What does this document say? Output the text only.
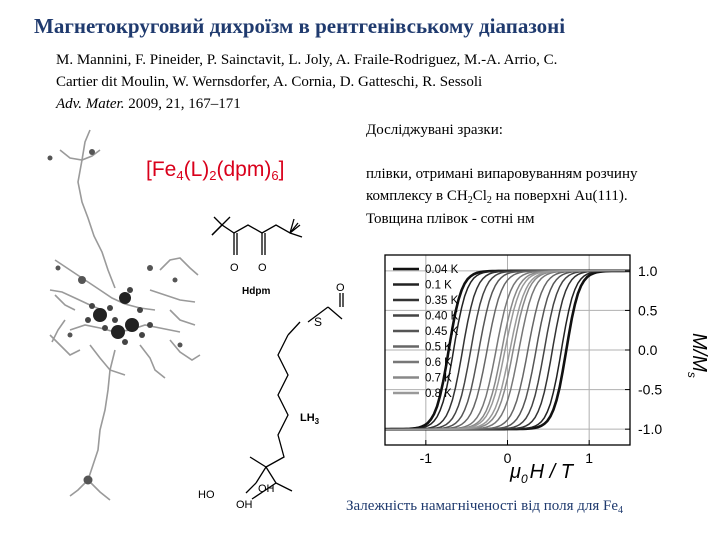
Магнетокруговий дихроїзм в рентгенівському діапазоні
M. Mannini, F. Pineider, P. Sainctavit, L. Joly, A. Fraile-Rodriguez, M.-A. Arrio, C.
Cartier dit Moulin, W. Wernsdorfer, A. Cornia, D. Gatteschi, R. Sessoli
Adv. Mater. 2009, 21, 167–171
Досліджувані зразки:
плівки, отримані випаровуванням розчину
комплексу в $CH_2Cl_2$ на поверхні Au(111).
Товщина плівок - сотні нм
$[Fe_4(L)_2(dpm)_6]$
O O
Hdpm
S
O
$LH_3$
HO
OH
OH
-1	0	1
1.0
0.5
0.0
-0.5
-1.0
0.04 K
0.1 K
0.35 K
0.40 K
0.45 K
0.5 K
0.6 K
0.7 K
0.8 K
$\mu_0$ H / T
$M/M_s$
Залежність намагніченості від поля для $Fe_4$
